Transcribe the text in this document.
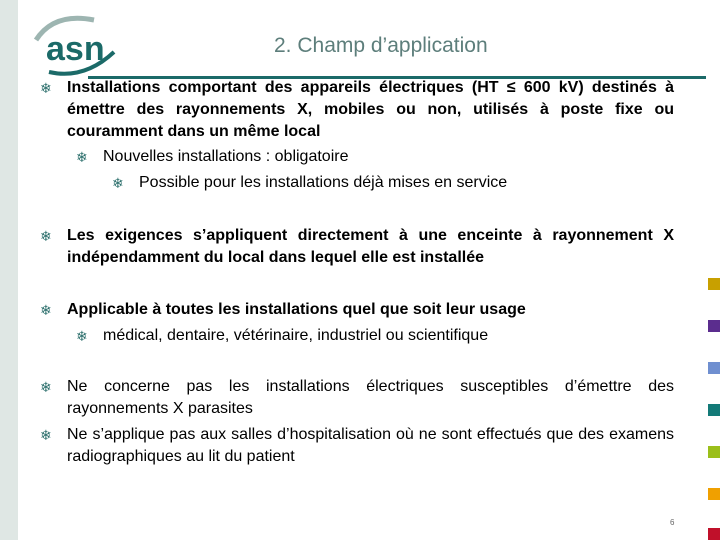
asn	2. Champ d’application
❄ Installations comportant des appareils électriques (HT ≤ 600 kV) destinés à émettre des rayonnements X, mobiles ou non, utilisés à poste fixe ou couramment dans un même local
❄ Nouvelles installations : obligatoire
❄ Possible pour les installations déjà mises en service
❄ Les exigences s’appliquent directement à une enceinte à rayonnement X indépendamment du local dans lequel elle est installée
❄ Applicable à toutes les installations quel que soit leur usage
❄ médical, dentaire, vétérinaire, industriel ou scientifique
❄ Ne concerne pas les installations électriques susceptibles d’émettre des rayonnements X parasites
❄ Ne s’applique pas aux salles d’hospitalisation où ne sont effectués que des examens radiographiques au lit du patient
6
